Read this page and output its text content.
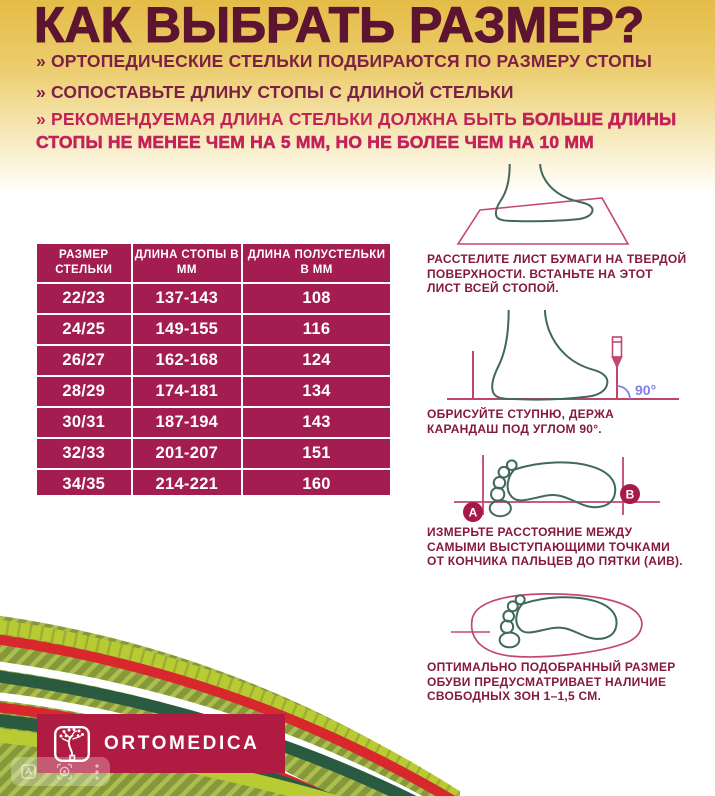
КАК ВЫБРАТЬ РАЗМЕР?
» ОРТОПЕДИЧЕСКИЕ СТЕЛЬКИ ПОДБИРАЮТСЯ ПО РАЗМЕРУ СТОПЫ
» СОПОСТАВЬТЕ ДЛИНУ СТОПЫ С ДЛИНОЙ СТЕЛЬКИ
» РЕКОМЕНДУЕМАЯ ДЛИНА СТЕЛЬКИ ДОЛЖНА БЫТЬ БОЛЬШЕ ДЛИНЫ
СТОПЫ НЕ МЕНЕЕ ЧЕМ НА 5 ММ, НО НЕ БОЛЕЕ ЧЕМ НА 10 ММ
РАЗМЕР СТЕЛЬКИ	ДЛИНА СТОПЫ В ММ	ДЛИНА ПОЛУСТЕЛЬКИ В ММ
22/23	137-143	108
24/25	149-155	116
26/27	162-168	124
28/29	174-181	134
30/31	187-194	143
32/33	201-207	151
34/35	214-221	160
РАССТЕЛИТЕ ЛИСТ БУМАГИ НА ТВЕРДОЙ ПОВЕРХНОСТИ. ВСТАНЬТЕ НА ЭТОТ ЛИСТ ВСЕЙ СТОПОЙ.
90°
ОБРИСУЙТЕ СТУПНЮ, ДЕРЖА КАРАНДАШ ПОД УГЛОМ 90°.
А
В
ИЗМЕРЬТЕ РАССТОЯНИЕ МЕЖДУ САМЫМИ ВЫСТУПАЮЩИМИ ТОЧКАМИ ОТ КОНЧИКА ПАЛЬЦЕВ ДО ПЯТКИ (АИВ).
ОПТИМАЛЬНО ПОДОБРАННЫЙ РАЗМЕР ОБУВИ ПРЕДУСМАТРИВАЕТ НАЛИЧИЕ СВОБОДНЫХ ЗОН 1–1,5 СМ.
ORTOMEDICA
